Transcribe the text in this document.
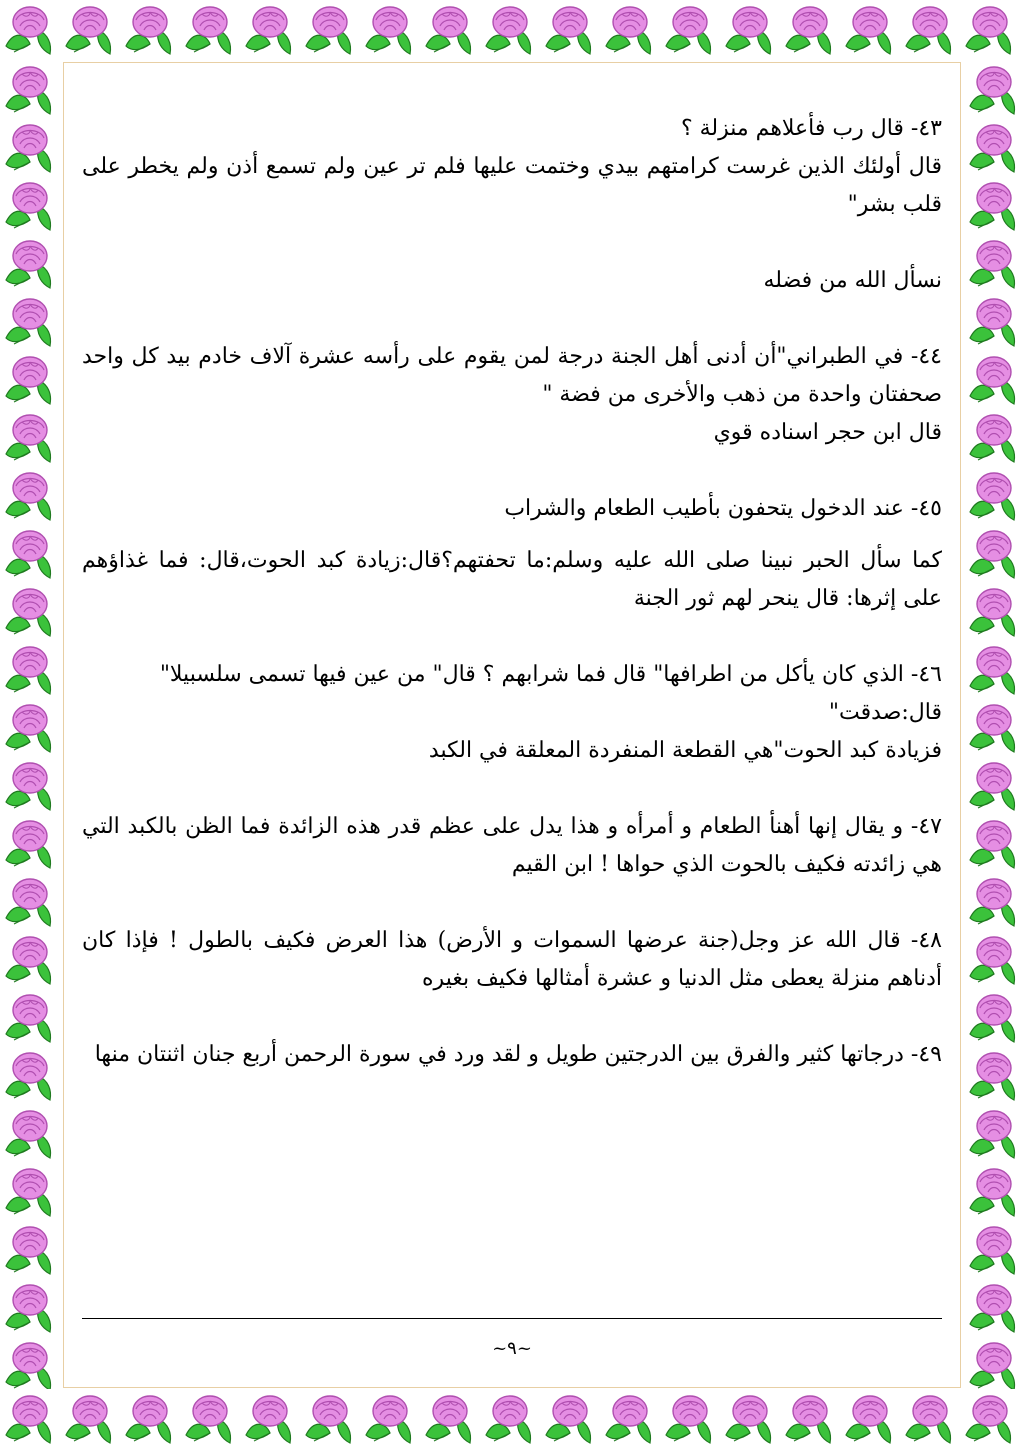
٤٣- قال رب فأعلاهم منزلة ؟

قال أولئك الذين غرست كرامتهم بيدي وختمت عليها فلم تر عين ولم تسمع أذن ولم يخطر على قلب بشر"

نسأل الله من فضله

٤٤- في الطبراني"أن أدنى أهل الجنة درجة لمن يقوم على رأسه عشرة آلاف خادم بيد كل واحد صحفتان واحدة من ذهب والأخرى من فضة "

قال ابن حجر اسناده قوي

٤٥- عند الدخول يتحفون بأطيب الطعام والشراب

كما سأل الحبر نبينا صلى الله عليه وسلم:ما تحفتهم؟قال:زيادة كبد الحوت،قال: فما غذاؤهم على إثرها: قال ينحر لهم ثور الجنة

٤٦- الذي كان يأكل من اطرافها" قال فما شرابهم ؟ قال" من عين فيها تسمى سلسبيلا"

قال:صدقت"

فزيادة كبد الحوت"هي القطعة المنفردة المعلقة في الكبد

٤٧- و يقال إنها أهنأ الطعام و أمرأه و هذا يدل على عظم قدر هذه الزائدة فما الظن بالكبد التي هي زائدته فكيف بالحوت الذي حواها ! ابن القيم

٤٨- قال الله عز وجل(جنة عرضها السموات و الأرض) هذا العرض فكيف بالطول ! فإذا كان أدناهم منزلة يعطى مثل الدنيا و عشرة أمثالها فكيف بغيره

٤٩- درجاتها كثير والفرق بين الدرجتين طويل و لقد ورد في سورة الرحمن أربع جنان اثنتان منها

~٩~
